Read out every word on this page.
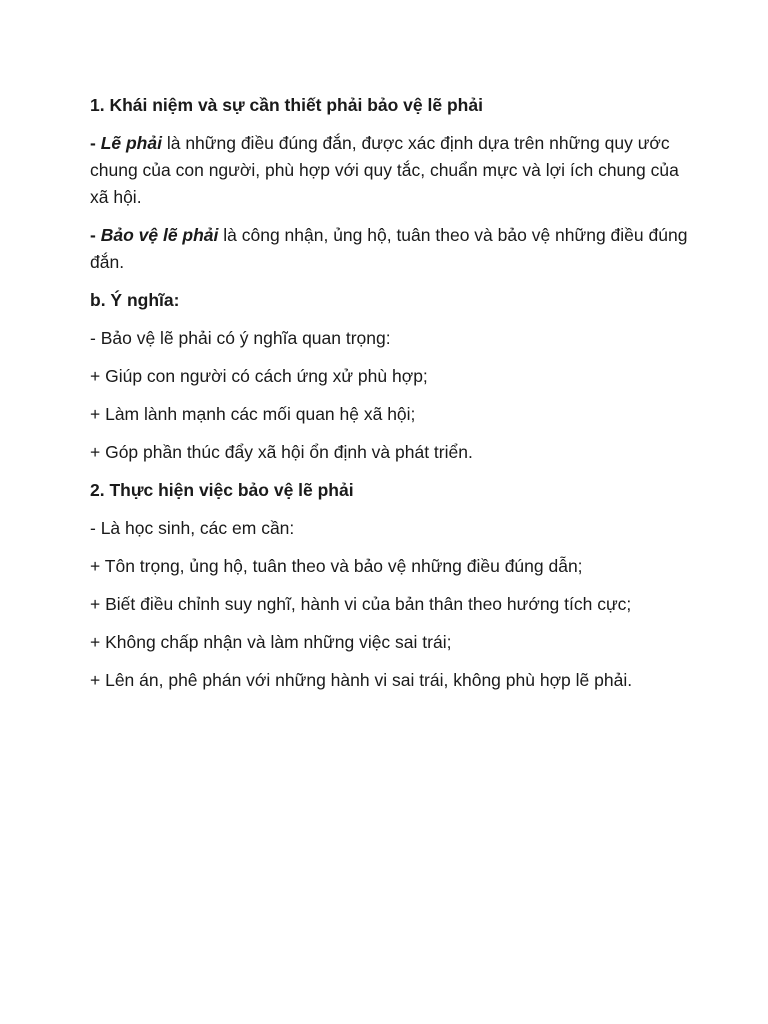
1. Khái niệm và sự cần thiết phải bảo vệ lẽ phải

- Lẽ phải là những điều đúng đắn, được xác định dựa trên những quy ước chung của con người, phù hợp với quy tắc, chuẩn mực và lợi ích chung của xã hội.

- Bảo vệ lẽ phải là công nhận, ủng hộ, tuân theo và bảo vệ những điều đúng đắn.

b. Ý nghĩa:

- Bảo vệ lẽ phải có ý nghĩa quan trọng:

+ Giúp con người có cách ứng xử phù hợp;

+ Làm lành mạnh các mối quan hệ xã hội;

+ Góp phần thúc đẩy xã hội ổn định và phát triển.

2. Thực hiện việc bảo vệ lẽ phải

- Là học sinh, các em cần:

+ Tôn trọng, ủng hộ, tuân theo và bảo vệ những điều đúng dẫn;

+ Biết điều chỉnh suy nghĩ, hành vi của bản thân theo hướng tích cực;

+ Không chấp nhận và làm những việc sai trái;

+ Lên án, phê phán với những hành vi sai trái, không phù hợp lẽ phải.
